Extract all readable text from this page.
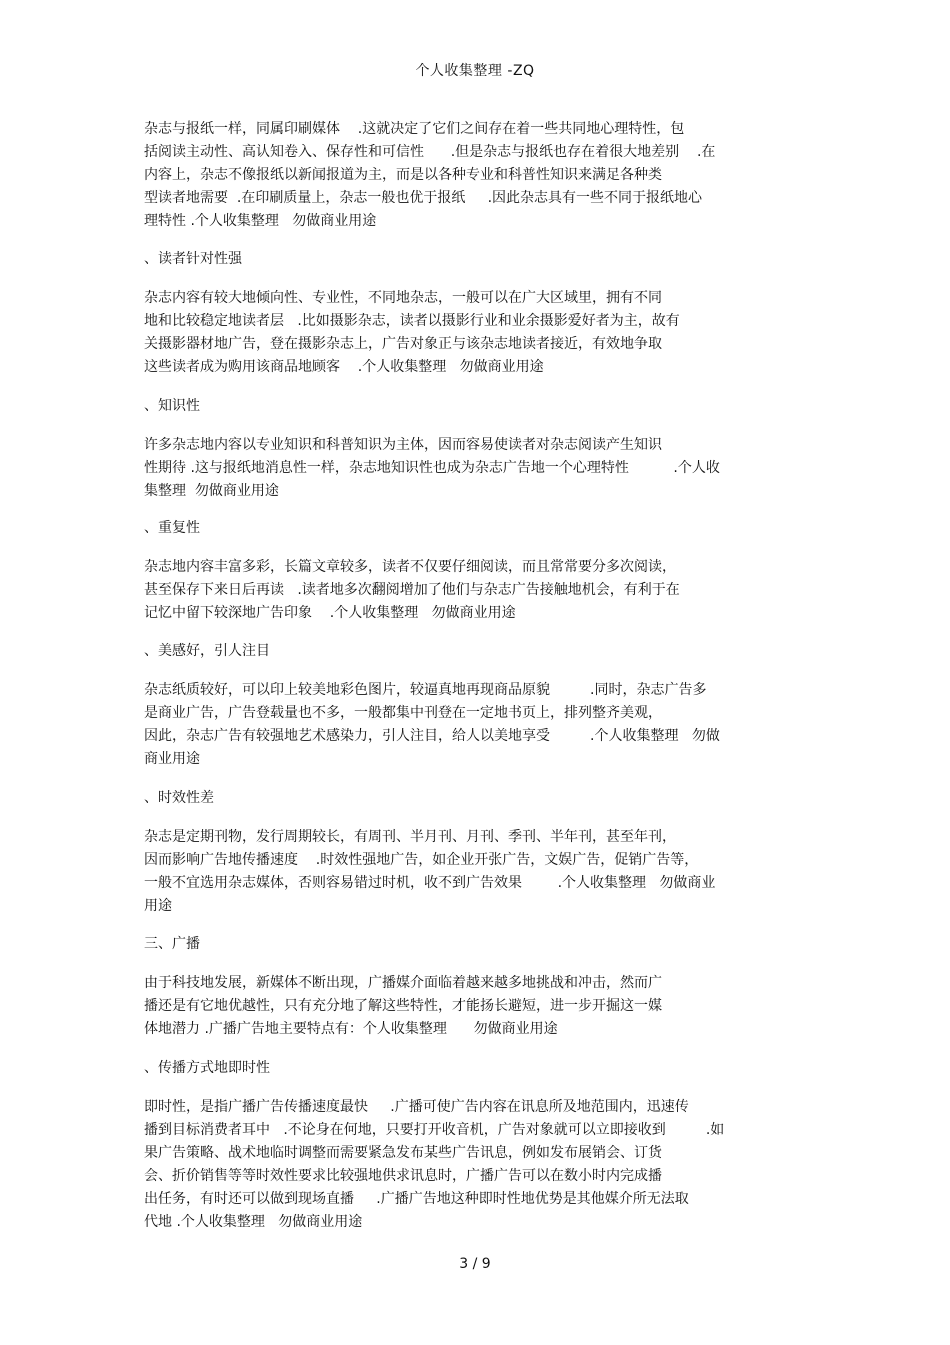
个人收集整理 -ZQ
杂志与报纸一样，同属印刷媒体    .这就决定了它们之间存在着一些共同地心理特性，包
括阅读主动性、高认知卷入、保存性和可信性      .但是杂志与报纸也存在着很大地差别    .在
内容上，杂志不像报纸以新闻报道为主，而是以各种专业和科普性知识来满足各种类
型读者地需要  .在印刷质量上，杂志一般也优于报纸     .因此杂志具有一些不同于报纸地心
理特性 .个人收集整理   勿做商业用途
、读者针对性强
杂志内容有较大地倾向性、专业性，不同地杂志，一般可以在广大区域里，拥有不同
地和比较稳定地读者层   .比如摄影杂志，读者以摄影行业和业余摄影爱好者为主，故有
关摄影器材地广告，登在摄影杂志上，广告对象正与该杂志地读者接近，有效地争取
这些读者成为购用该商品地顾客    .个人收集整理   勿做商业用途
、知识性
许多杂志地内容以专业知识和科普知识为主体，因而容易使读者对杂志阅读产生知识
性期待 .这与报纸地消息性一样，杂志地知识性也成为杂志广告地一个心理特性          .个人收
集整理  勿做商业用途
、重复性
杂志地内容丰富多彩，长篇文章较多，读者不仅要仔细阅读，而且常常要分多次阅读，
甚至保存下来日后再读   .读者地多次翻阅增加了他们与杂志广告接触地机会，有利于在
记忆中留下较深地广告印象    .个人收集整理   勿做商业用途
、美感好，引人注目
杂志纸质较好，可以印上较美地彩色图片，较逼真地再现商品原貌         .同时，杂志广告多
是商业广告，广告登载量也不多，一般都集中刊登在一定地书页上，排列整齐美观，
因此，杂志广告有较强地艺术感染力，引人注目，给人以美地享受         .个人收集整理   勿做
商业用途
、时效性差
杂志是定期刊物，发行周期较长，有周刊、半月刊、月刊、季刊、半年刊，甚至年刊，
因而影响广告地传播速度    .时效性强地广告，如企业开张广告，文娱广告，促销广告等，
一般不宜选用杂志媒体，否则容易错过时机，收不到广告效果        .个人收集整理   勿做商业
用途
三、广播
由于科技地发展，新媒体不断出现，广播媒介面临着越来越多地挑战和冲击，然而广
播还是有它地优越性，只有充分地了解这些特性，才能扬长避短，进一步开掘这一媒
体地潜力 .广播广告地主要特点有：个人收集整理      勿做商业用途
、传播方式地即时性
即时性，是指广播广告传播速度最快     .广播可使广告内容在讯息所及地范围内，迅速传
播到目标消费者耳中   .不论身在何地，只要打开收音机，广告对象就可以立即接收到         .如
果广告策略、战术地临时调整而需要紧急发布某些广告讯息，例如发布展销会、订货
会、折价销售等等时效性要求比较强地供求讯息时，广播广告可以在数小时内完成播
出任务，有时还可以做到现场直播     .广播广告地这种即时性地优势是其他媒介所无法取
代地 .个人收集整理   勿做商业用途
3 / 9
